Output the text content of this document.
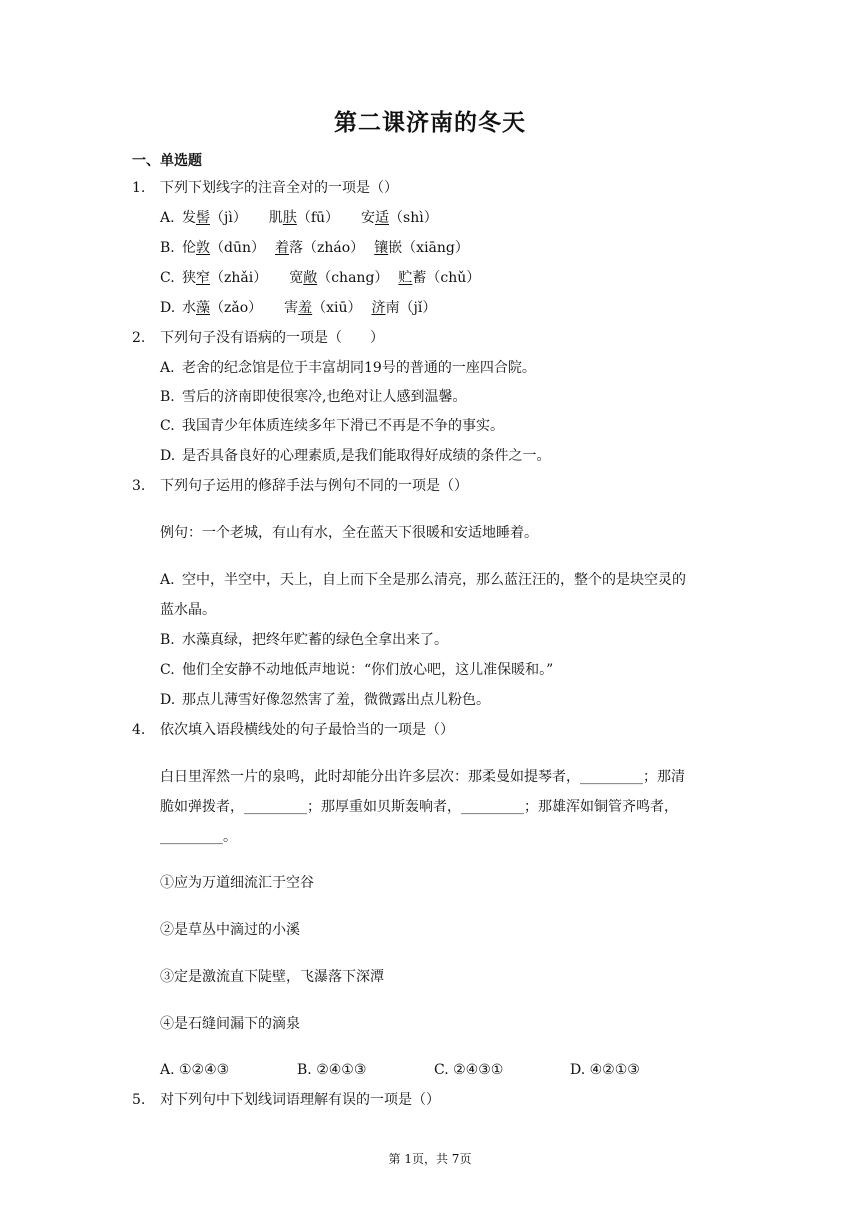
第二课济南的冬天
一、单选题
1. 下列下划线字的注音全对的一项是（）
A. 发髻（jì） 肌肤（fū） 安适（shì）
B. 伦敦（dūn） 着落（zháo） 镶嵌（xiāng）
C. 狭窄（zhǎi） 宽敞（chang） 贮蓄（chǔ）
D. 水藻（zǎo） 害羞（xiū） 济南（jǐ）
2. 下列句子没有语病的一项是（　　）
A. 老舍的纪念馆是位于丰富胡同19号的普通的一座四合院。
B. 雪后的济南即使很寒冷,也绝对让人感到温馨。
C. 我国青少年体质连续多年下滑已不再是不争的事实。
D. 是否具备良好的心理素质,是我们能取得好成绩的条件之一。
3. 下列句子运用的修辞手法与例句不同的一项是（）
例句：一个老城，有山有水，全在蓝天下很暖和安适地睡着。
A. 空中，半空中，天上，自上而下全是那么清亮，那么蓝汪汪的，整个的是块空灵的
蓝水晶。
B. 水藻真绿，把终年贮蓄的绿色全拿出来了。
C. 他们全安静不动地低声地说：“你们放心吧，这儿准保暖和。”
D. 那点儿薄雪好像忽然害了羞，微微露出点儿粉色。
4. 依次填入语段横线处的句子最恰当的一项是（）
白日里浑然一片的泉鸣，此时却能分出许多层次：那柔曼如提琴者，_________；那清
脆如弹拨者，_________；那厚重如贝斯轰响者，_________；那雄浑如铜管齐鸣者，
_________。
①应为万道细流汇于空谷
②是草丛中滴过的小溪
③定是激流直下陡壁，飞瀑落下深潭
④是石缝间漏下的滴泉
A. ①②④③	B. ②④①③	C. ②④③①	D. ④②①③
5. 对下列句中下划线词语理解有误的一项是（）
第 1页，共 7页
